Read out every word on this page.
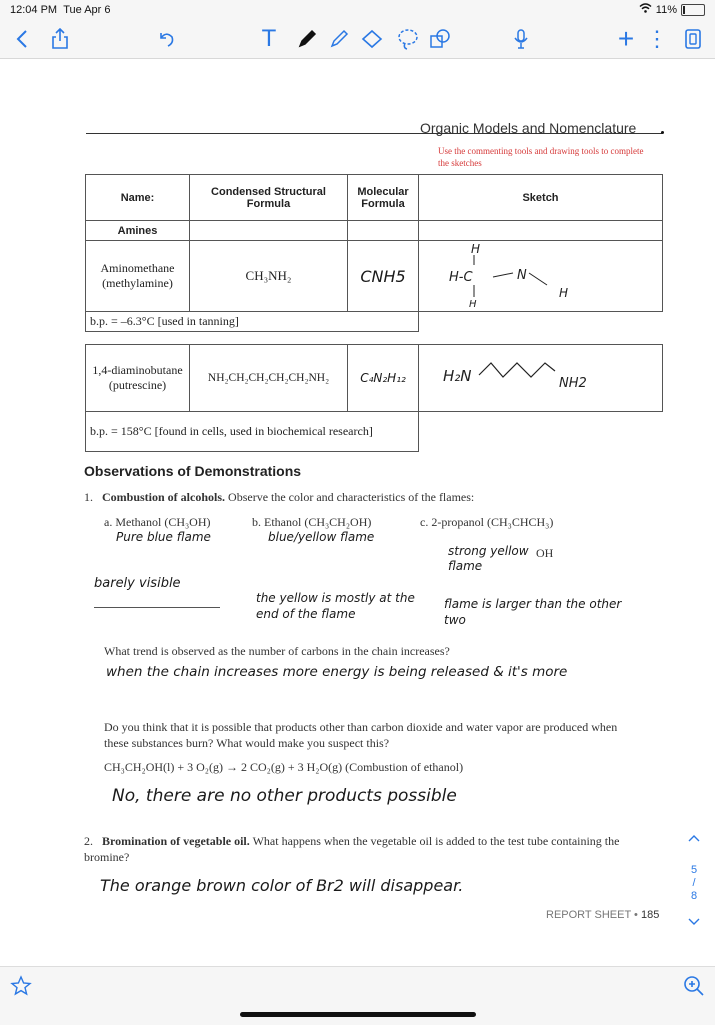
12:04 PM Tue Apr 6	11%
T	+ ⋮
Organic Models and Nomenclature
Use the commenting tools and drawing tools to complete the sketches
Name:	Condensed Structural Formula	Molecular Formula	Sketch
Amines			
Aminomethane (methylamine)	CH₃NH₂	CNH5	H
H-C N
H
H

b.p. = –6.3°C [used in tanning]			
1,4-diaminobutane (putrescine)	NH₂CH₂CH₂CH₂CH₂NH₂	C₄N₂H₁₂	H₂N NH2

b.p. = 158°C [found in cells, used in biochemical research]			
Observations of Demonstrations
1. Combustion of alcohols. Observe the color and characteristics of the flames:
a. Methanol (CH₃OH)	b. Ethanol (CH₃CH₂OH)	c. 2-propanol (CH₃CHCH₃)
OH
Pure blue flame	blue/yellow flame
strong yellow flame
barely visible
the yellow is mostly at the end of the flame
flame is larger than the other two
What trend is observed as the number of carbons in the chain increases?
when the chain increases more energy is being released & it's more
Do you think that it is possible that products other than carbon dioxide and water vapor are produced when these substances burn? What would make you suspect this?
CH₃CH₂OH(l) + 3 O₂(g) → 2 CO₂(g) + 3 H₂O(g) (Combustion of ethanol)
No, there are no other products possible
2. Bromination of vegetable oil. What happens when the vegetable oil is added to the test tube containing the bromine?
The orange brown color of Br2 will disappear.
REPORT SHEET • 185
5
/
8
